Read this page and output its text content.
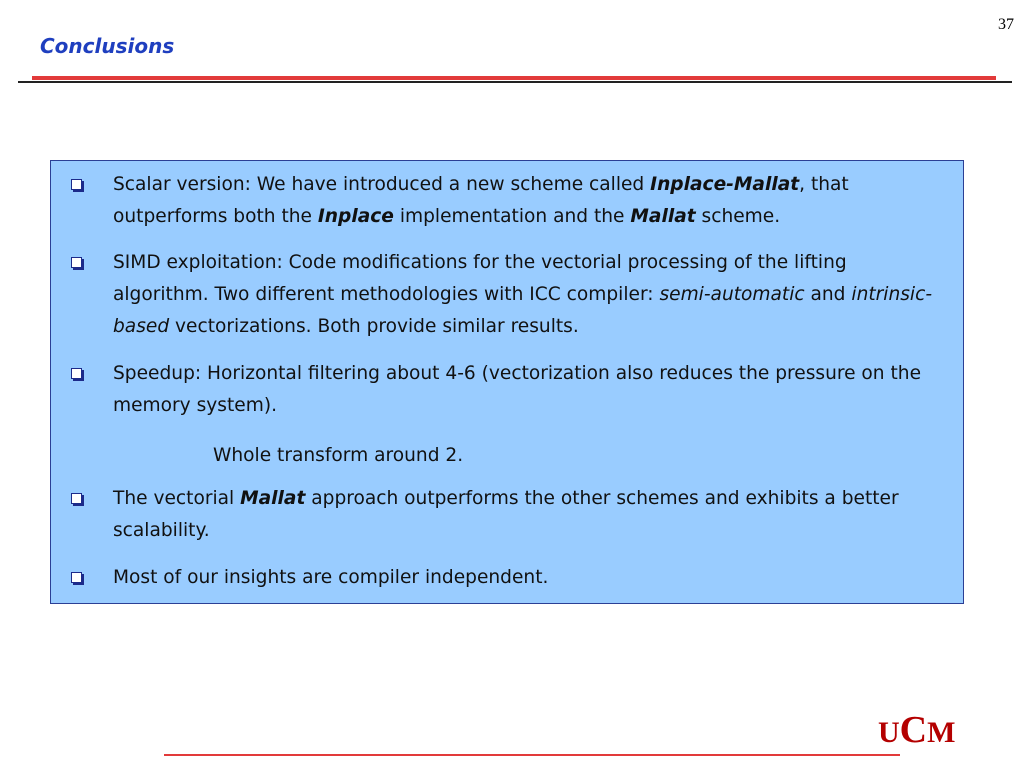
37
Conclusions
Scalar version: We have introduced a new scheme called Inplace-Mallat, that outperforms both the Inplace implementation and the Mallat scheme.
SIMD exploitation: Code modifications for the vectorial processing of the lifting algorithm. Two different methodologies with ICC compiler: semi-automatic and intrinsic-based vectorizations. Both provide similar results.
Speedup: Horizontal filtering about 4-6 (vectorization also reduces the pressure on the memory system).
Whole transform around 2.
The vectorial Mallat approach outperforms the other schemes and exhibits a better scalability.
Most of our insights are compiler independent.
UCM
